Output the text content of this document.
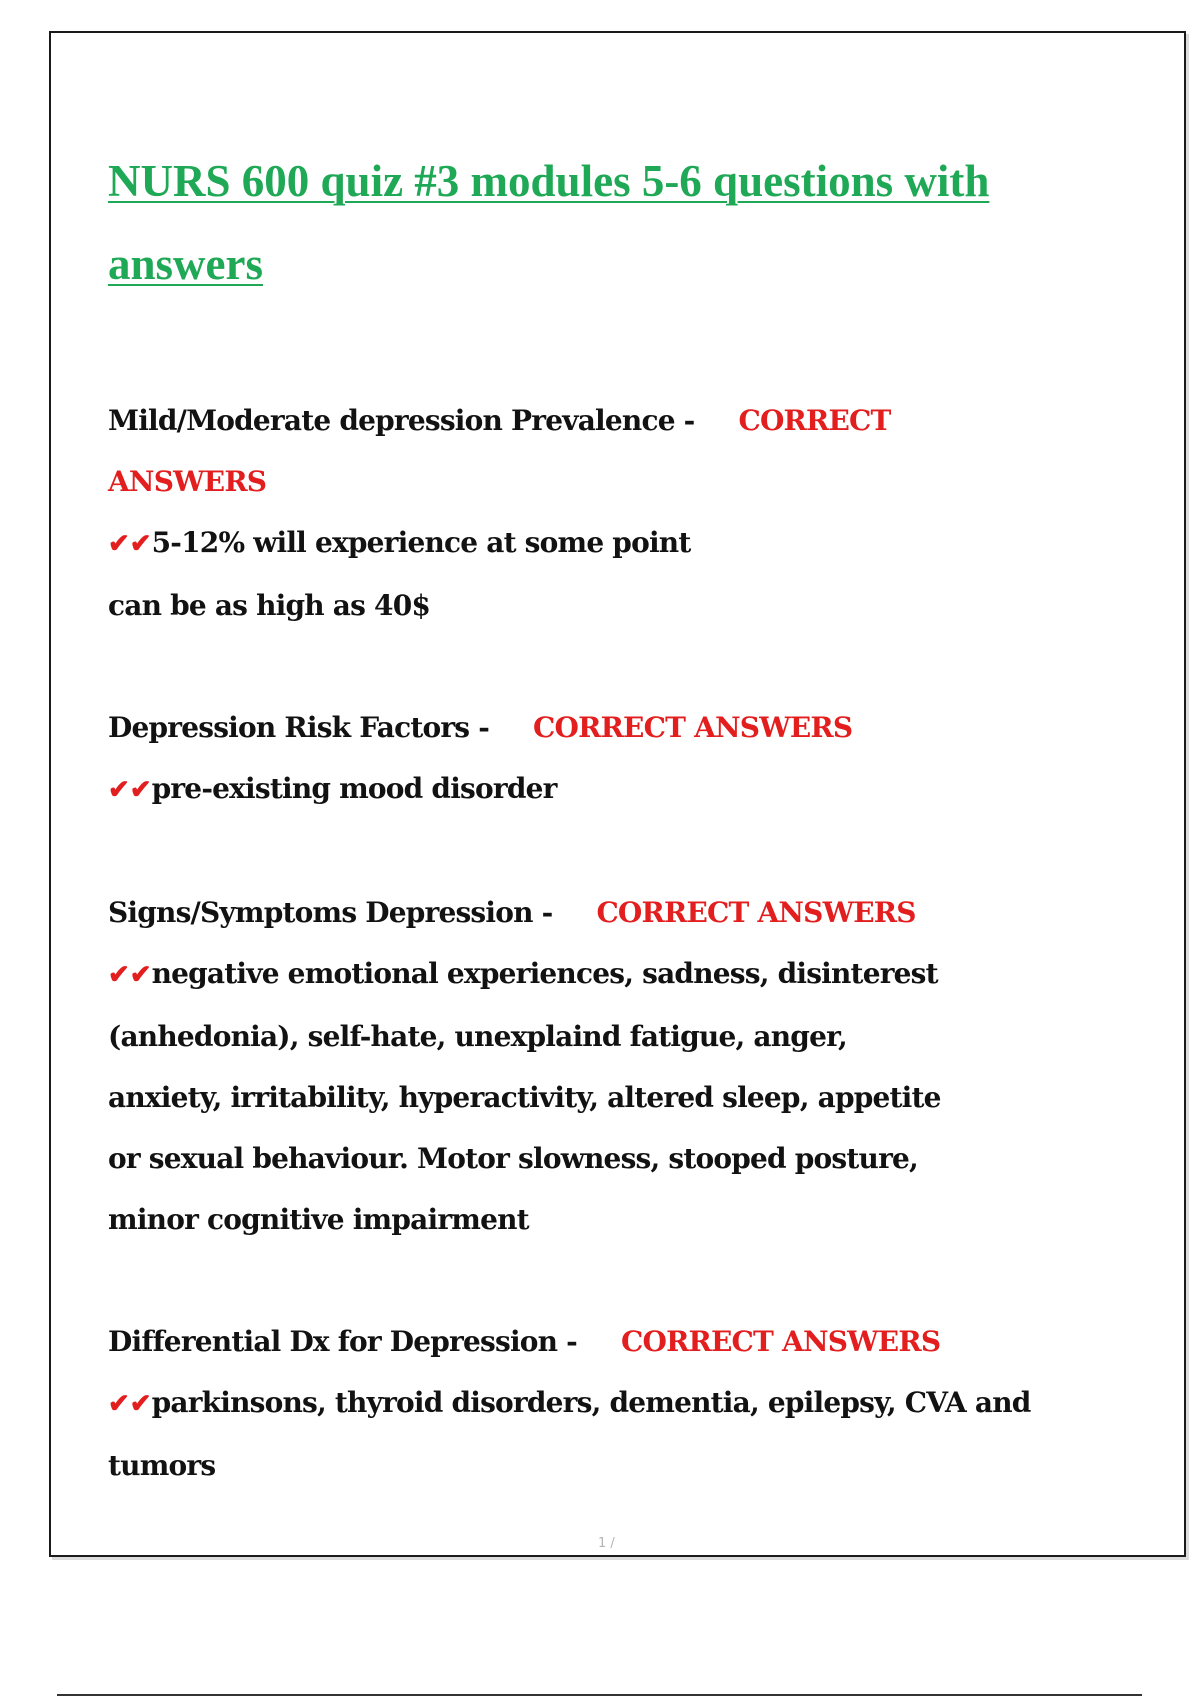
NURS 600 quiz #3 modules 5-6 questions with answers

Mild/Moderate depression Prevalence - CORRECT ANSWERS
✔✔5-12% will experience at some point
can be as high as 40$

Depression Risk Factors - CORRECT ANSWERS ✔✔pre-existing mood disorder

Signs/Symptoms Depression - CORRECT ANSWERS
✔✔negative emotional experiences, sadness, disinterest (anhedonia), self-hate, unexplaind fatigue, anger, anxiety, irritability, hyperactivity, altered sleep, appetite or sexual behaviour. Motor slowness, stooped posture, minor cognitive impairment

Differential Dx for Depression - CORRECT ANSWERS
✔✔parkinsons, thyroid disorders, dementia, epilepsy, CVA and tumors

1 /
